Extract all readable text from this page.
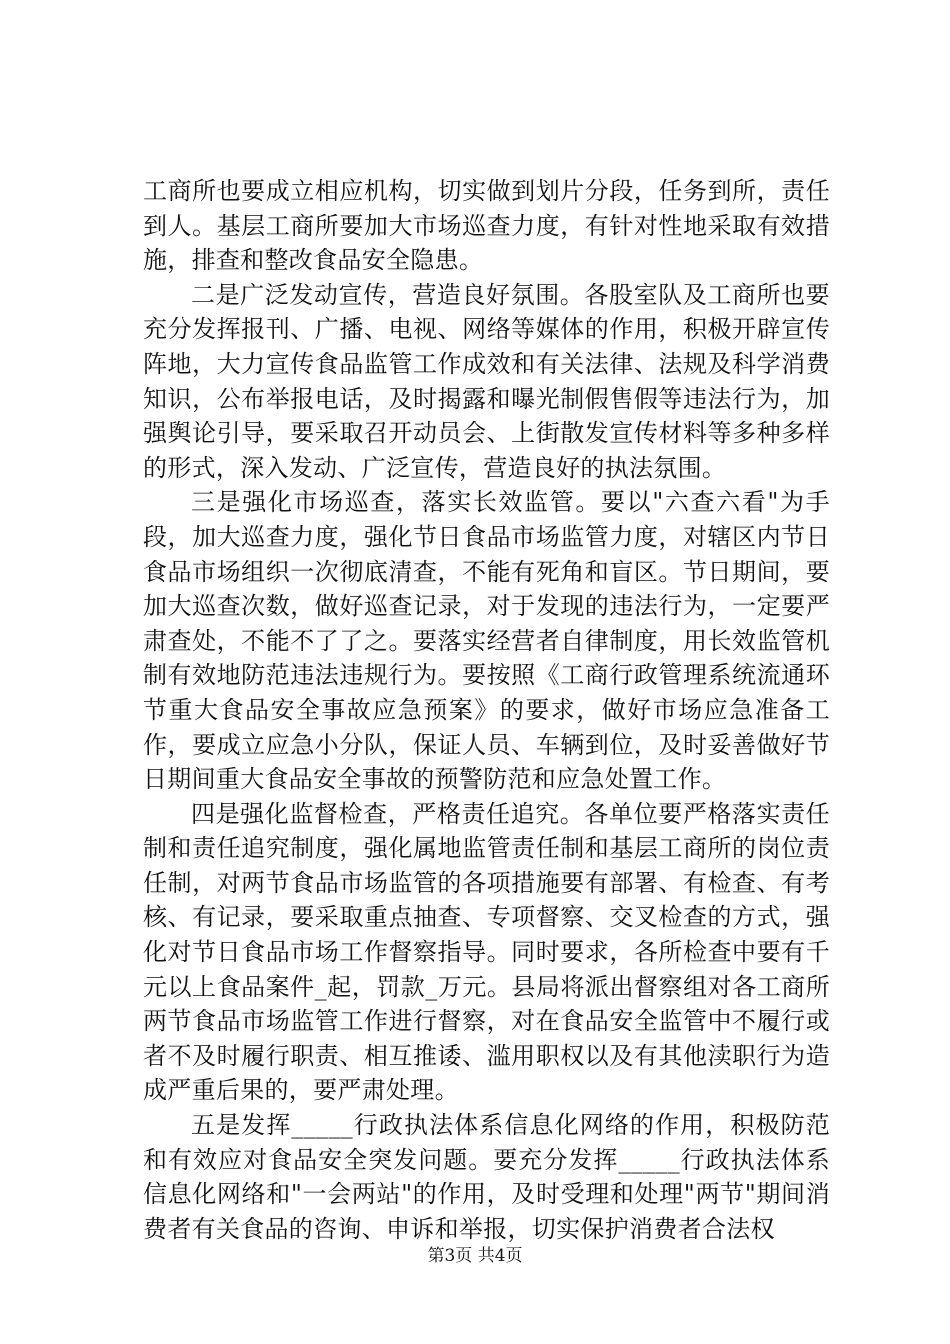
工商所也要成立相应机构，切实做到划片分段，任务到所，责任到人。基层工商所要加大市场巡查力度，有针对性地采取有效措施，排查和整改食品安全隐患。

二是广泛发动宣传，营造良好氛围。各股室队及工商所也要充分发挥报刊、广播、电视、网络等媒体的作用，积极开辟宣传阵地，大力宣传食品监管工作成效和有关法律、法规及科学消费知识，公布举报电话，及时揭露和曝光制假售假等违法行为，加强舆论引导，要采取召开动员会、上街散发宣传材料等多种多样的形式，深入发动、广泛宣传，营造良好的执法氛围。

三是强化市场巡查，落实长效监管。要以"六查六看"为手段，加大巡查力度，强化节日食品市场监管力度，对辖区内节日食品市场组织一次彻底清查，不能有死角和盲区。节日期间，要加大巡查次数，做好巡查记录，对于发现的违法行为，一定要严肃查处，不能不了了之。要落实经营者自律制度，用长效监管机制有效地防范违法违规行为。要按照《工商行政管理系统流通环节重大食品安全事故应急预案》的要求，做好市场应急准备工作，要成立应急小分队，保证人员、车辆到位，及时妥善做好节日期间重大食品安全事故的预警防范和应急处置工作。

四是强化监督检查，严格责任追究。各单位要严格落实责任制和责任追究制度，强化属地监管责任制和基层工商所的岗位责任制，对两节食品市场监管的各项措施要有部署、有检查、有考核、有记录，要采取重点抽查、专项督察、交叉检查的方式，强化对节日食品市场工作督察指导。同时要求，各所检查中要有千元以上食品案件_起，罚款_万元。县局将派出督察组对各工商所两节食品市场监管工作进行督察，对在食品安全监管中不履行或者不及时履行职责、相互推诿、滥用职权以及有其他渎职行为造成严重后果的，要严肃处理。

五是发挥_____行政执法体系信息化网络的作用，积极防范和有效应对食品安全突发问题。要充分发挥_____行政执法体系信息化网络和"一会两站"的作用，及时受理和处理"两节"期间消费者有关食品的咨询、申诉和举报，切实保护消费者合法权

第3页 共4页
